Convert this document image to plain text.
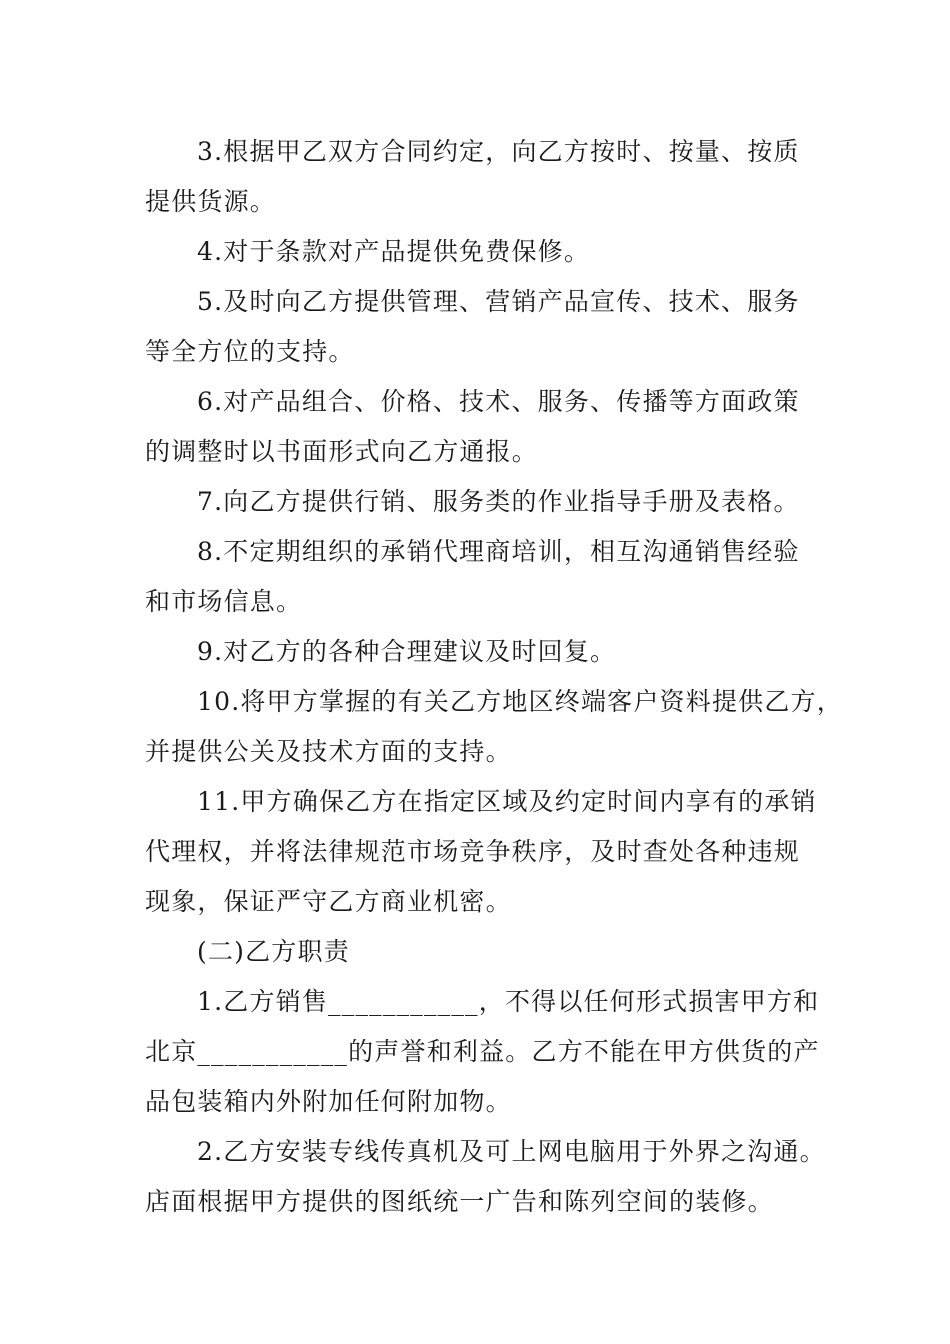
3.根据甲乙双方合同约定，向乙方按时、按量、按质
提供货源。
4.对于条款对产品提供免费保修。
5.及时向乙方提供管理、营销产品宣传、技术、服务
等全方位的支持。
6.对产品组合、价格、技术、服务、传播等方面政策
的调整时以书面形式向乙方通报。
7.向乙方提供行销、服务类的作业指导手册及表格。
8.不定期组织的承销代理商培训，相互沟通销售经验
和市场信息。
9.对乙方的各种合理建议及时回复。
10.将甲方掌握的有关乙方地区终端客户资料提供乙方，
并提供公关及技术方面的支持。
11.甲方确保乙方在指定区域及约定时间内享有的承销
代理权，并将法律规范市场竞争秩序，及时查处各种违规
现象，保证严守乙方商业机密。
(二)乙方职责
1.乙方销售___________，不得以任何形式损害甲方和
北京___________的声誉和利益。乙方不能在甲方供货的产
品包装箱内外附加任何附加物。
2.乙方安装专线传真机及可上网电脑用于外界之沟通。
店面根据甲方提供的图纸统一广告和陈列空间的装修。
